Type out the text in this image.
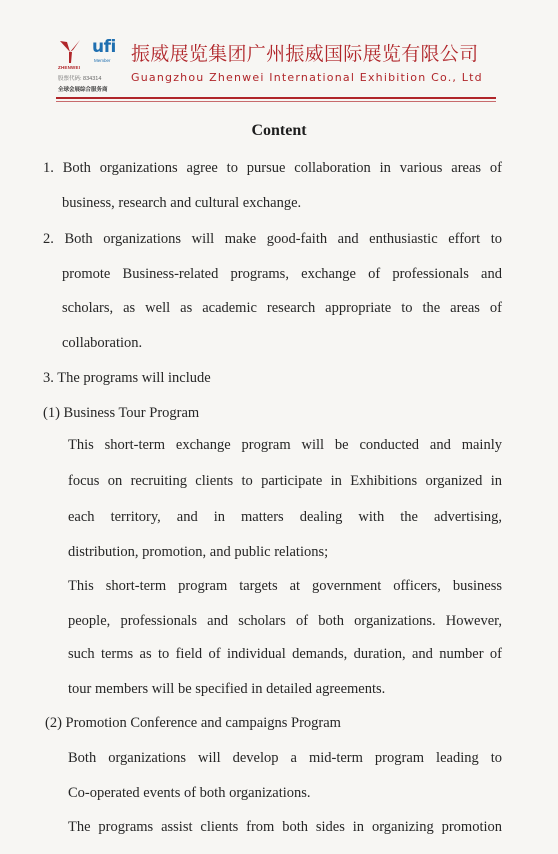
ZHENWEI
ufi
Member
股票代码: 834314
全球会展综合服务商
振威展览集团广州振威国际展览有限公司
Guangzhou Zhenwei International Exhibition Co., Ltd
Content
1. Both organizations agree to pursue collaboration in various areas of
business, research and cultural exchange.
2. Both organizations will make good-faith and enthusiastic effort to
promote Business-related programs, exchange of professionals and
scholars, as well as academic research appropriate to the areas of
collaboration.
3. The programs will include
(1) Business Tour Program
This short-term exchange program will be conducted and mainly
focus on recruiting clients to participate in Exhibitions organized in
each territory, and in matters dealing with the advertising,
distribution, promotion, and public relations;
This short-term program targets at government officers, business
people, professionals and scholars of both organizations. However,
such terms as to field of individual demands, duration, and number of
tour members will be specified in detailed agreements.
(2) Promotion Conference and campaigns Program
Both organizations will develop a mid-term program leading to
Co-operated events of both organizations.
The programs assist clients from both sides in organizing promotion
